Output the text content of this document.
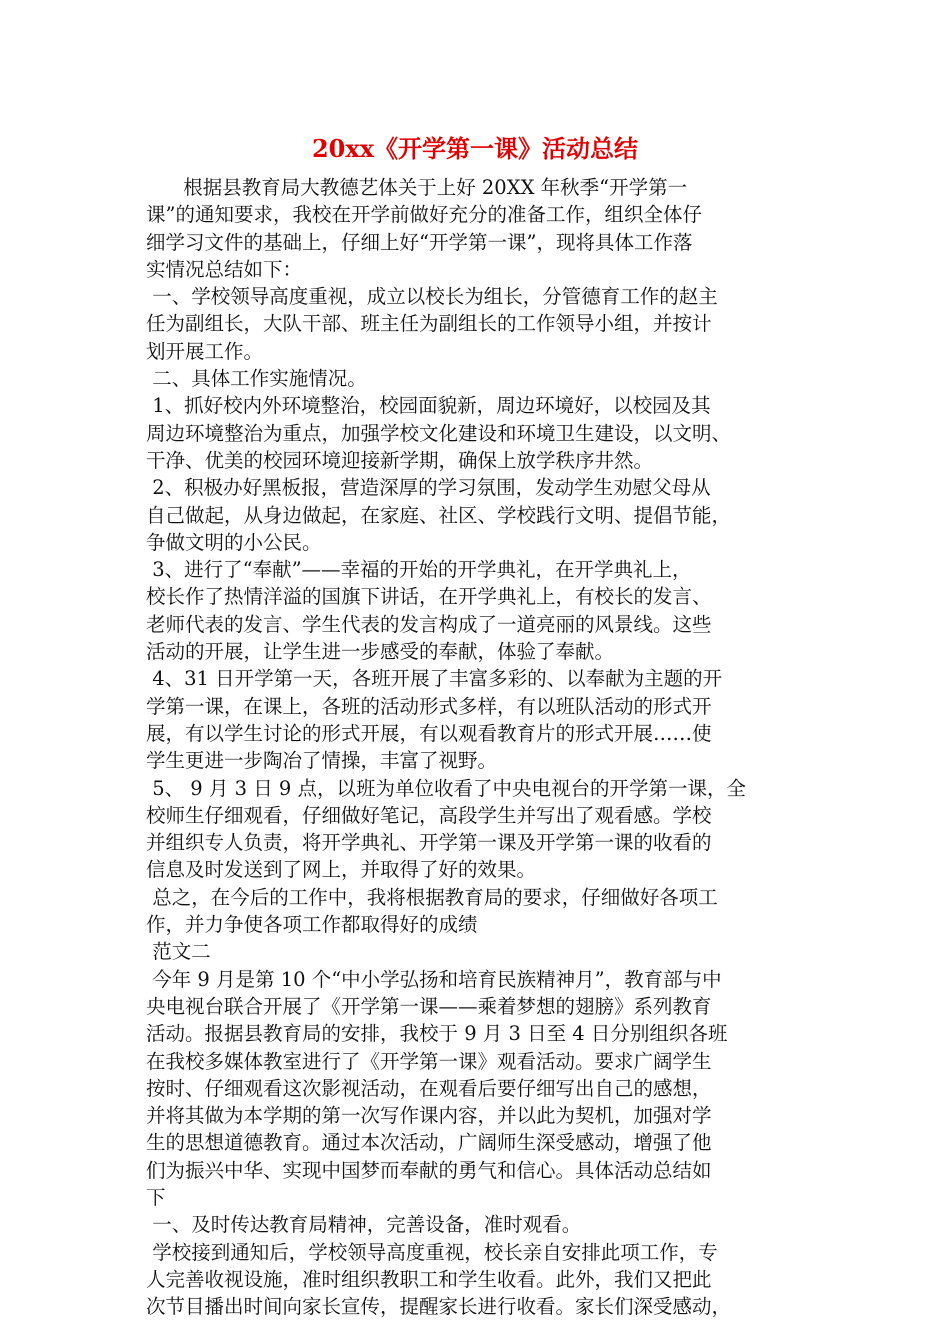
20xx《开学第一课》活动总结
根据县教育局大教德艺体关于上好 20XX 年秋季“开学第一
课”的通知要求，我校在开学前做好充分的准备工作，组织全体仔
细学习文件的基础上，仔细上好“开学第一课”，现将具体工作落
实情况总结如下：
一、学校领导高度重视，成立以校长为组长，分管德育工作的赵主
任为副组长，大队干部、班主任为副组长的工作领导小组，并按计
划开展工作。
二、具体工作实施情况。
1、抓好校内外环境整治，校园面貌新，周边环境好，以校园及其
周边环境整治为重点，加强学校文化建设和环境卫生建设，以文明、
干净、优美的校园环境迎接新学期，确保上放学秩序井然。
2、积极办好黑板报，营造深厚的学习氛围，发动学生劝慰父母从
自己做起，从身边做起，在家庭、社区、学校践行文明、提倡节能，
争做文明的小公民。
3、进行了“奉献”——幸福的开始的开学典礼，在开学典礼上，
校长作了热情洋溢的国旗下讲话，在开学典礼上，有校长的发言、
老师代表的发言、学生代表的发言构成了一道亮丽的风景线。这些
活动的开展，让学生进一步感受的奉献，体验了奉献。
4、31 日开学第一天，各班开展了丰富多彩的、以奉献为主题的开
学第一课，在课上，各班的活动形式多样，有以班队活动的形式开
展，有以学生讨论的形式开展，有以观看教育片的形式开展……使
学生更进一步陶冶了情操，丰富了视野。
5、 9 月 3 日 9 点，以班为单位收看了中央电视台的开学第一课，全
校师生仔细观看，仔细做好笔记，高段学生并写出了观看感。学校
并组织专人负责，将开学典礼、开学第一课及开学第一课的收看的
信息及时发送到了网上，并取得了好的效果。
总之，在今后的工作中，我将根据教育局的要求，仔细做好各项工
作，并力争使各项工作都取得好的成绩
范文二
今年 9 月是第 10 个“中小学弘扬和培育民族精神月”，教育部与中
央电视台联合开展了《开学第一课——乘着梦想的翅膀》系列教育
活动。报据县教育局的安排，我校于 9 月 3 日至 4 日分别组织各班
在我校多媒体教室进行了《开学第一课》观看活动。要求广阔学生
按时、仔细观看这次影视活动，在观看后要仔细写出自己的感想，
并将其做为本学期的第一次写作课内容，并以此为契机，加强对学
生的思想道德教育。通过本次活动，广阔师生深受感动，增强了他
们为振兴中华、实现中国梦而奉献的勇气和信心。具体活动总结如
下
一、及时传达教育局精神，完善设备，准时观看。
学校接到通知后，学校领导高度重视，校长亲自安排此项工作，专
人完善收视设施，准时组织教职工和学生收看。此外，我们又把此
次节目播出时间向家长宣传，提醒家长进行收看。家长们深受感动，
